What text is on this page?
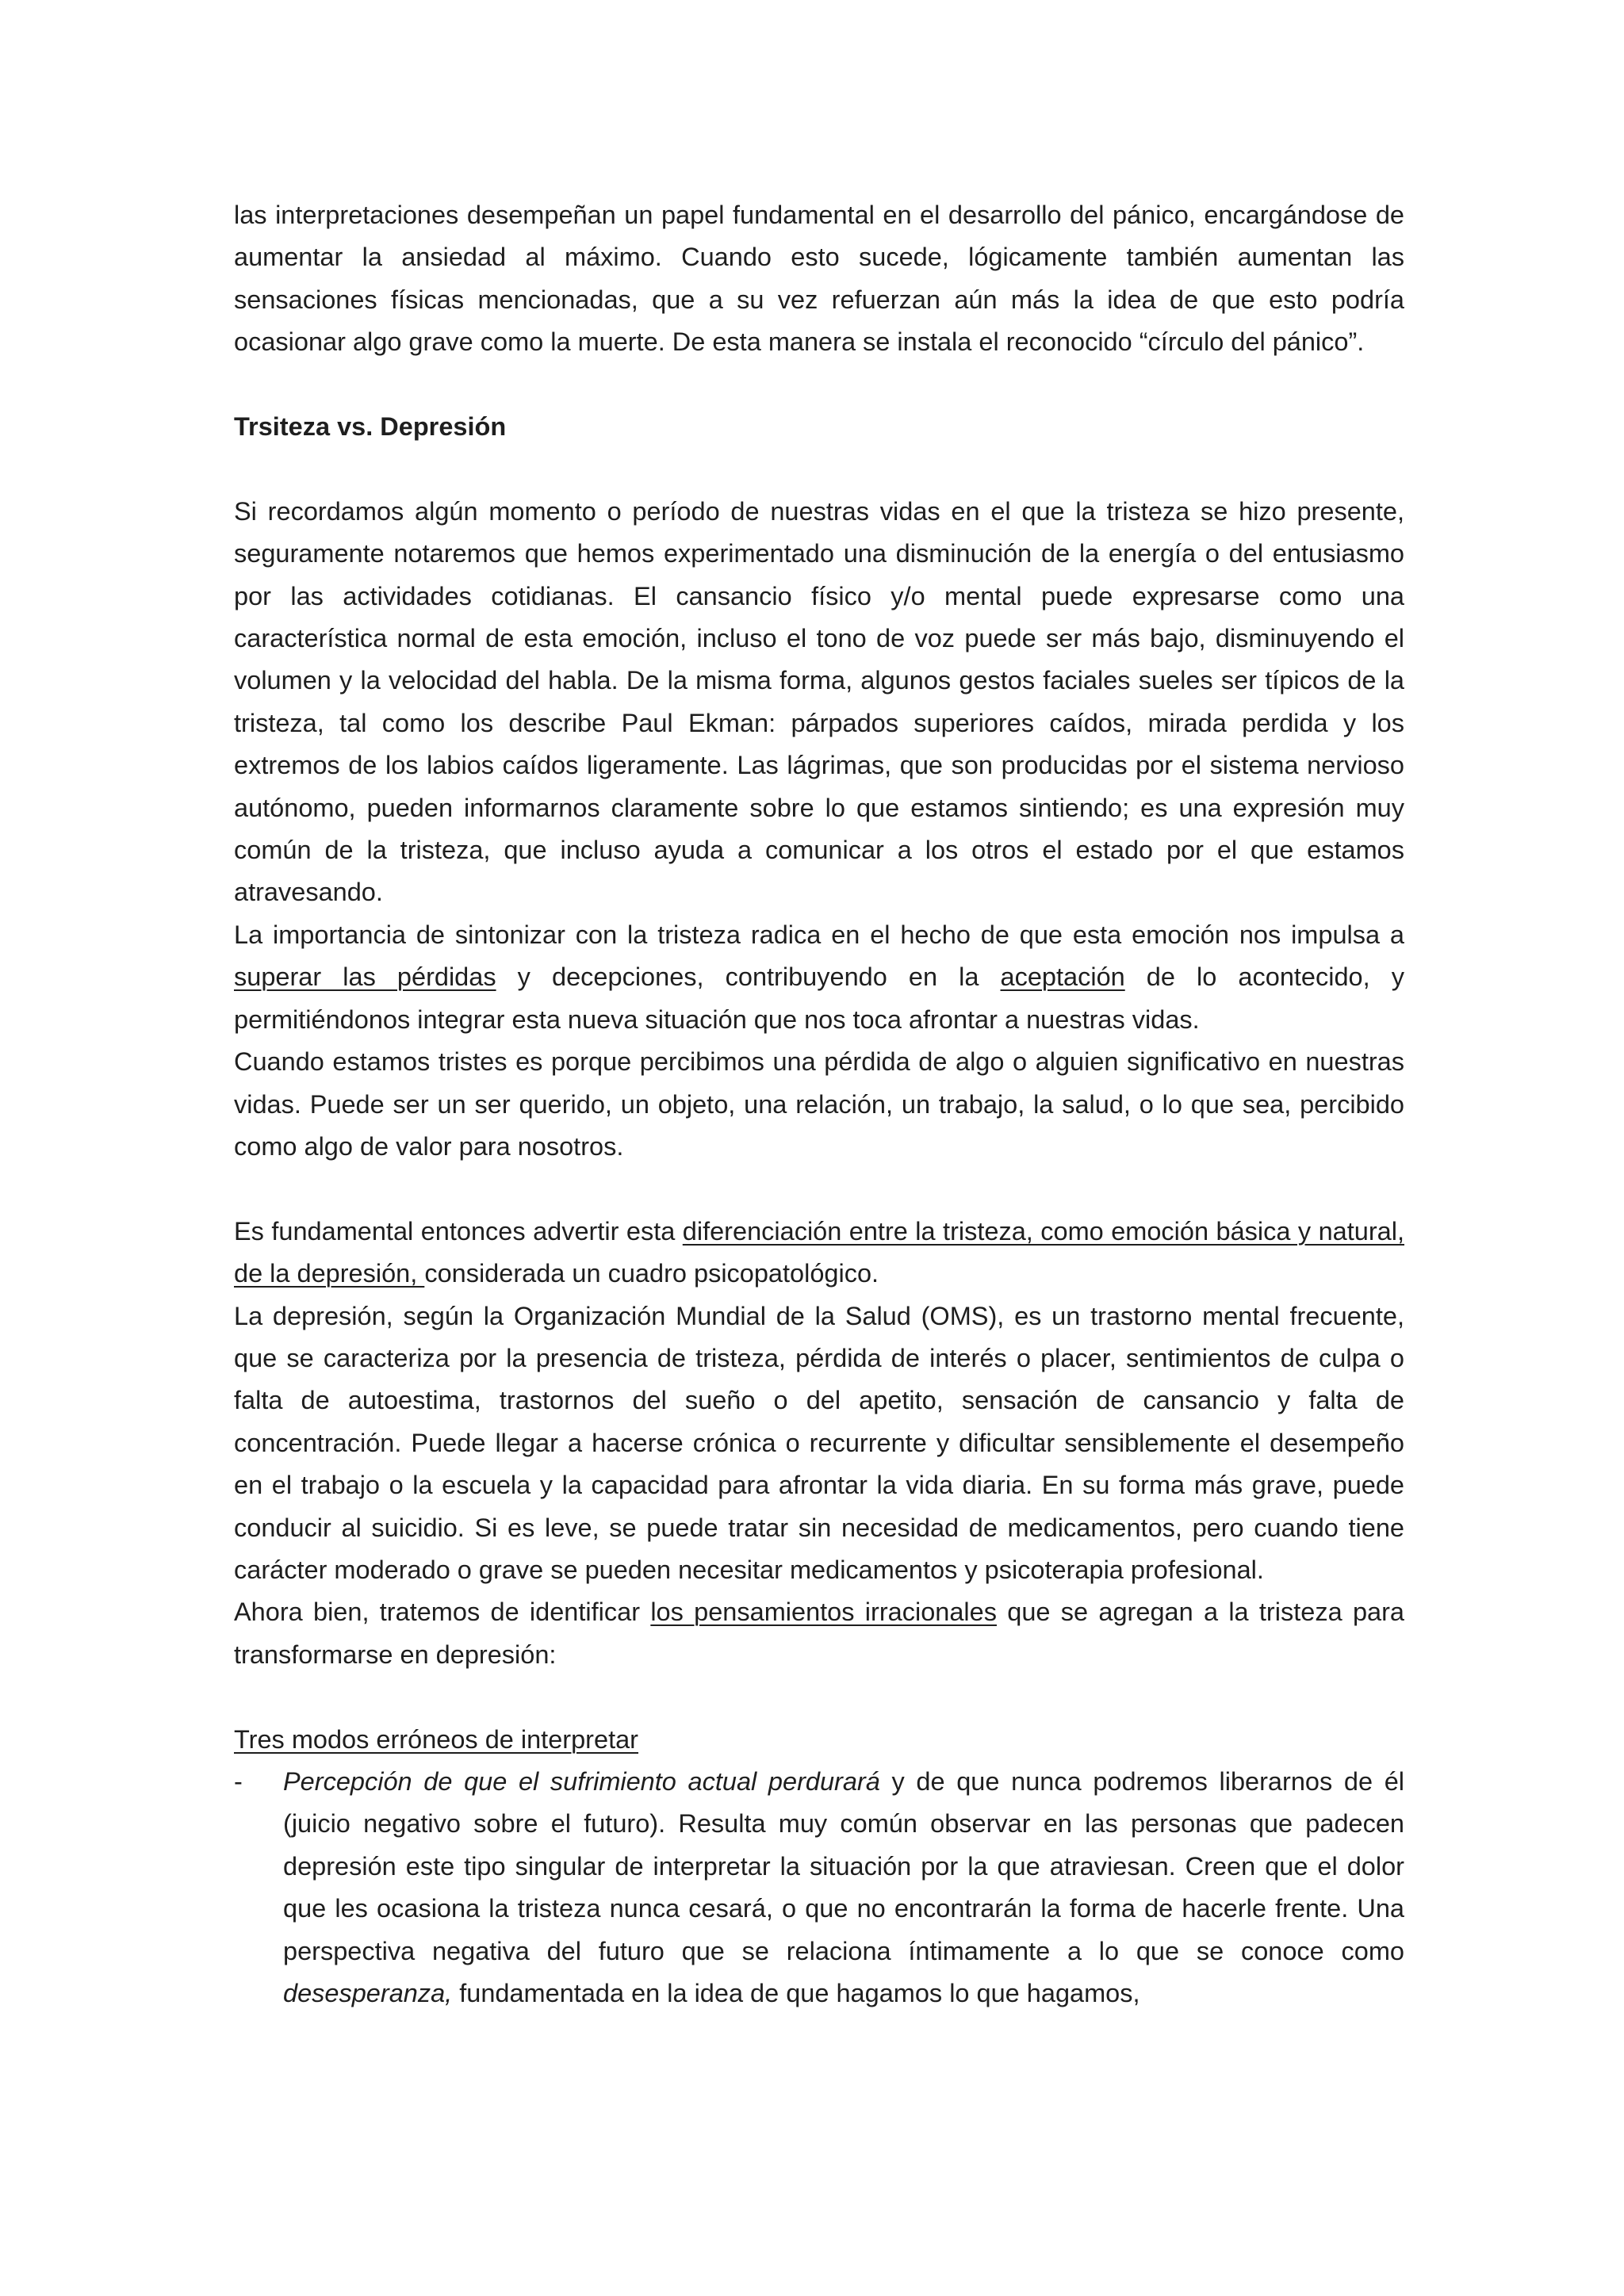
las interpretaciones desempeñan un papel fundamental en el desarrollo del pánico, encargándose de aumentar la ansiedad al máximo. Cuando esto sucede, lógicamente también aumentan las sensaciones físicas mencionadas, que a su vez refuerzan aún más la idea de que esto podría ocasionar algo grave como la muerte. De esta manera se instala el reconocido “círculo del pánico”.

Trsiteza vs. Depresión

Si recordamos algún momento o período de nuestras vidas en el que la tristeza se hizo presente, seguramente notaremos que hemos experimentado una disminución de la energía o del entusiasmo por las actividades cotidianas. El cansancio físico y/o mental puede expresarse como una característica normal de esta emoción, incluso el tono de voz puede ser más bajo, disminuyendo el volumen y la velocidad del habla. De la misma forma, algunos gestos faciales sueles ser típicos de la tristeza, tal como los describe Paul Ekman: párpados superiores caídos, mirada perdida y los extremos de los labios caídos ligeramente. Las lágrimas, que son producidas por el sistema nervioso autónomo, pueden informarnos claramente sobre lo que estamos sintiendo; es una expresión muy común de la tristeza, que incluso ayuda a comunicar a los otros el estado por el que estamos atravesando.

La importancia de sintonizar con la tristeza radica en el hecho de que esta emoción nos impulsa a superar las pérdidas y decepciones, contribuyendo en la aceptación de lo acontecido, y permitiéndonos integrar esta nueva situación que nos toca afrontar a nuestras vidas.

Cuando estamos tristes es porque percibimos una pérdida de algo o alguien significativo en nuestras vidas. Puede ser un ser querido, un objeto, una relación, un trabajo, la salud, o lo que sea, percibido como algo de valor para nosotros.

Es fundamental entonces advertir esta diferenciación entre la tristeza, como emoción básica y natural, de la depresión, considerada un cuadro psicopatológico.

La depresión, según la Organización Mundial de la Salud (OMS), es un trastorno mental frecuente, que se caracteriza por la presencia de tristeza, pérdida de interés o placer, sentimientos de culpa o falta de autoestima, trastornos del sueño o del apetito, sensación de cansancio y falta de concentración. Puede llegar a hacerse crónica o recurrente y dificultar sensiblemente el desempeño en el trabajo o la escuela y la capacidad para afrontar la vida diaria. En su forma más grave, puede conducir al suicidio. Si es leve, se puede tratar sin necesidad de medicamentos, pero cuando tiene carácter moderado o grave se pueden necesitar medicamentos y psicoterapia profesional.

Ahora bien, tratemos de identificar los pensamientos irracionales que se agregan a la tristeza para transformarse en depresión:

Tres modos erróneos de interpretar

- Percepción de que el sufrimiento actual perdurará y de que nunca podremos liberarnos de él (juicio negativo sobre el futuro). Resulta muy común observar en las personas que padecen depresión este tipo singular de interpretar la situación por la que atraviesan. Creen que el dolor que les ocasiona la tristeza nunca cesará, o que no encontrarán la forma de hacerle frente. Una perspectiva negativa del futuro que se relaciona íntimamente a lo que se conoce como desesperanza, fundamentada en la idea de que hagamos lo que hagamos,
